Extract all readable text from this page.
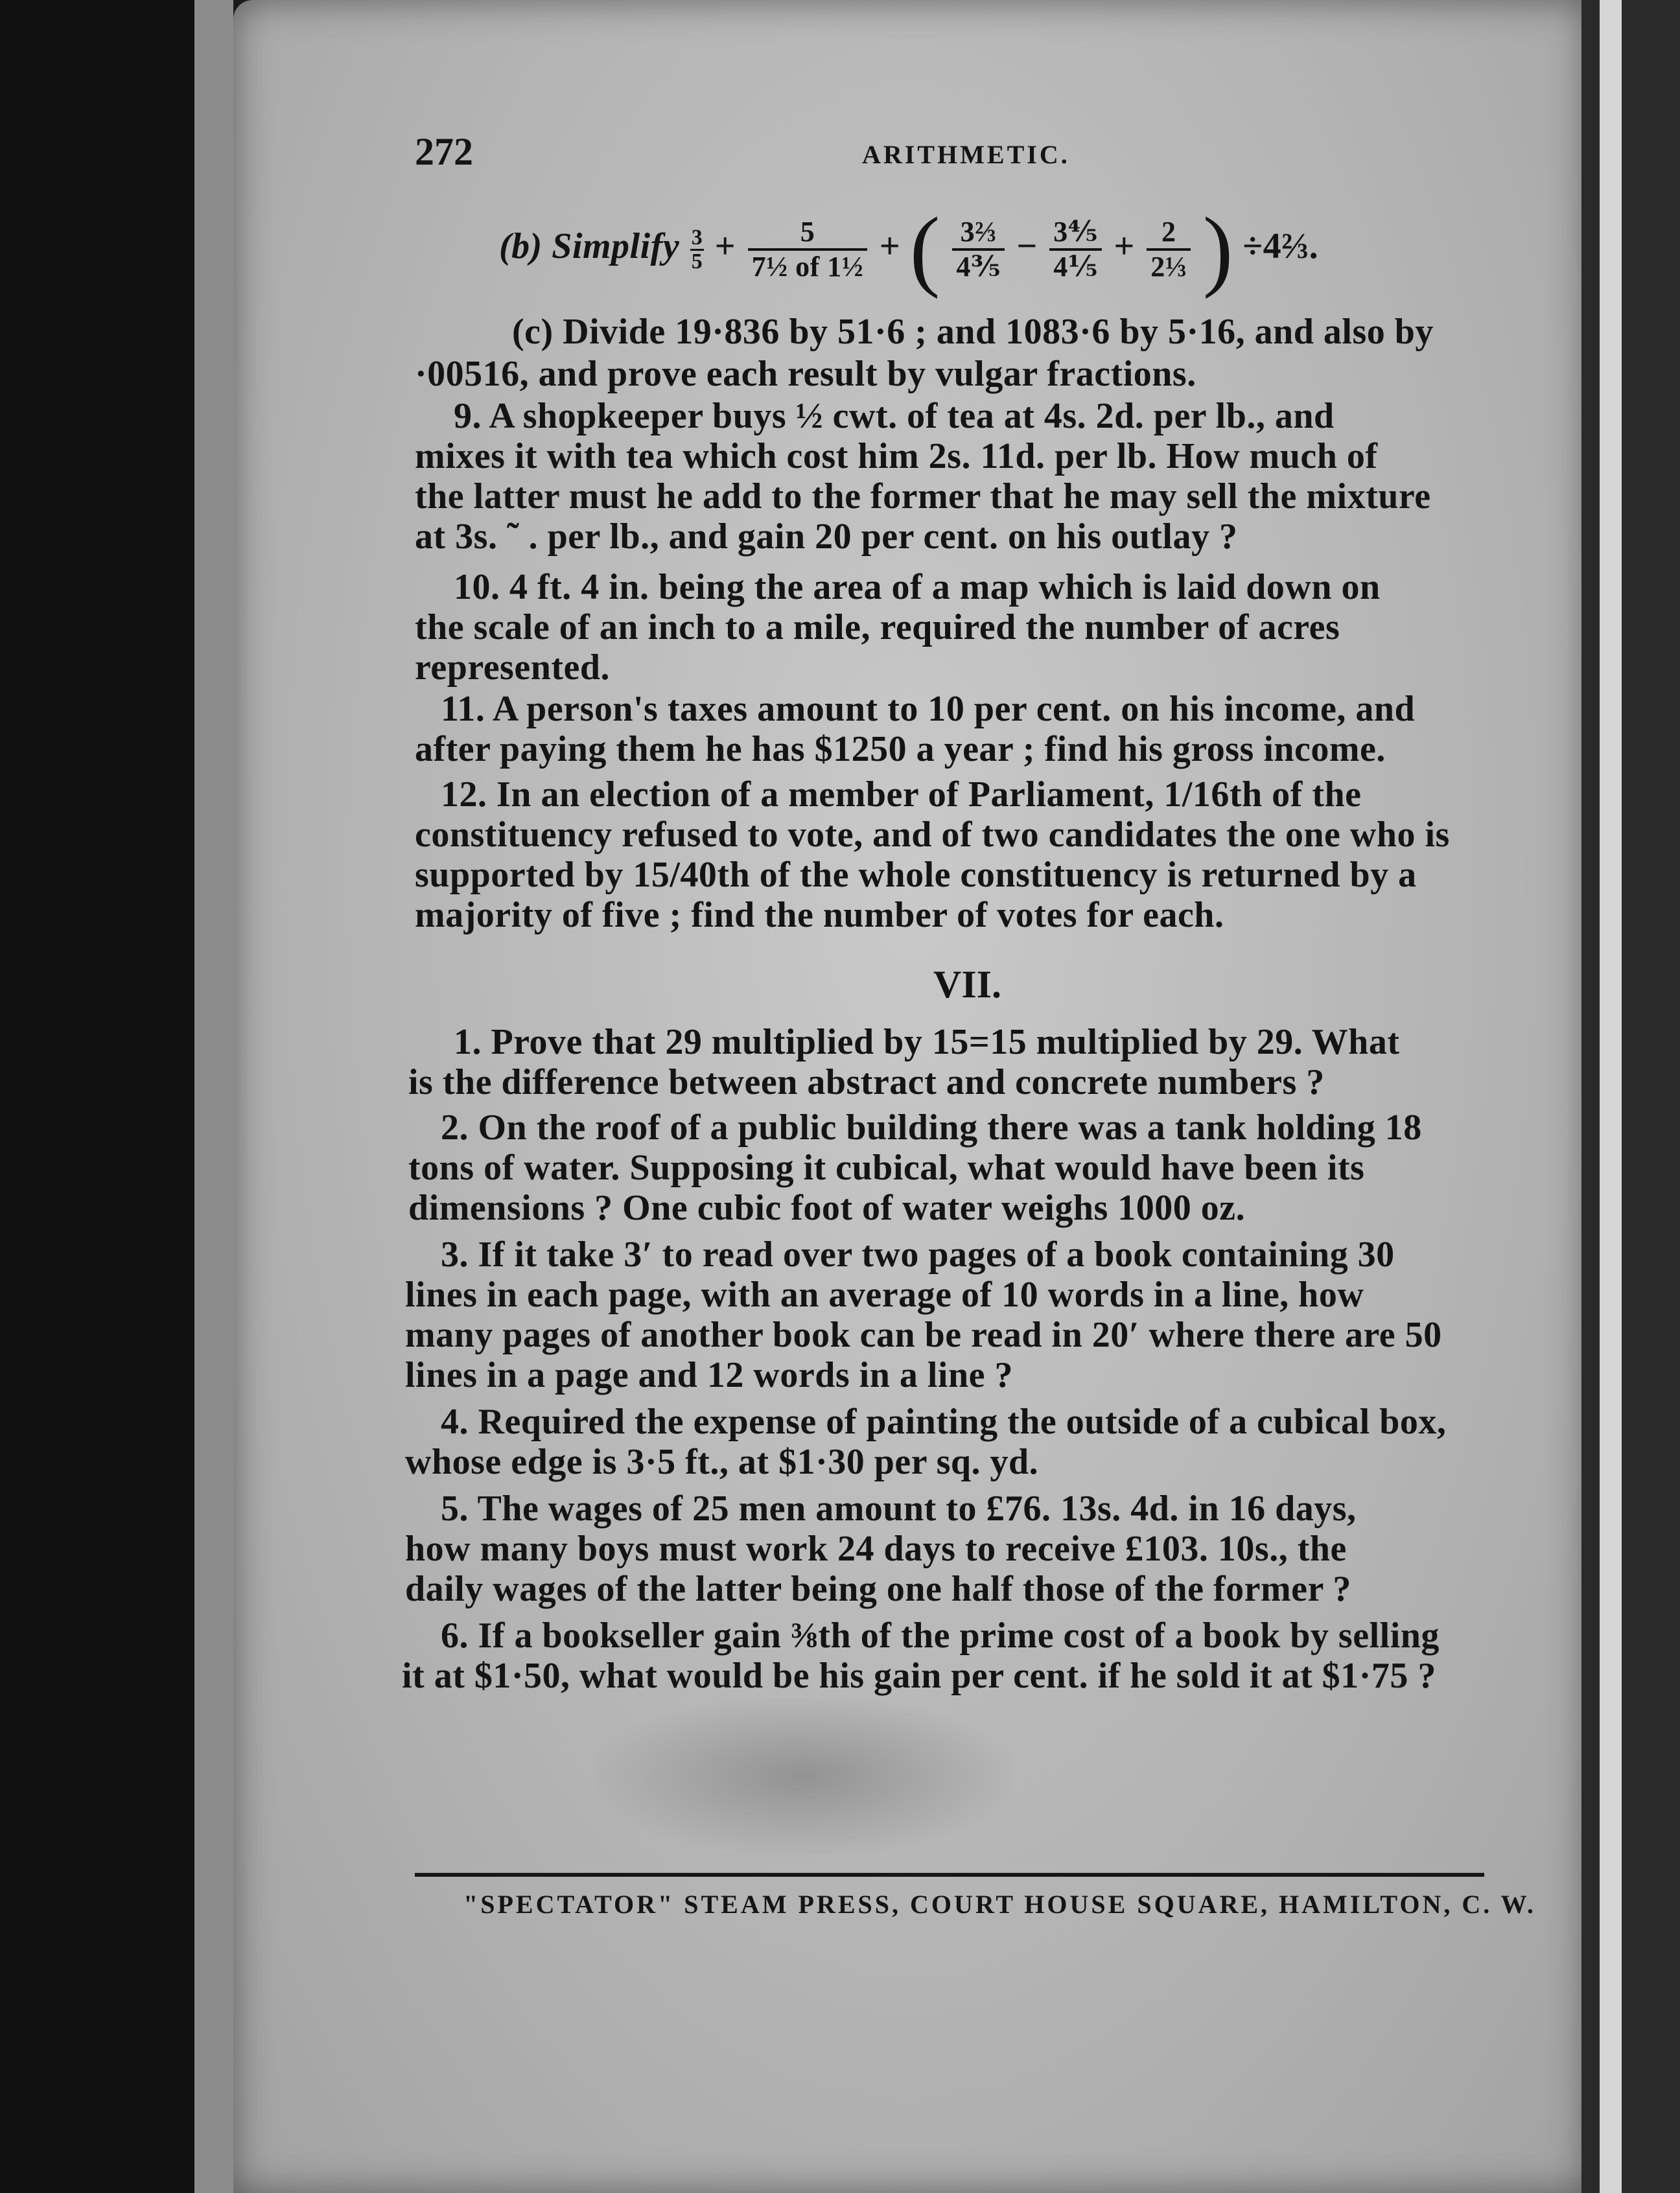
272	ARITHMETIC.
(b) Simplify $\frac{3}{5} + \frac{5}{\text{7½ of 1½}}$ + ( $\frac{\text{3⅔}}{\text{4⅗}} - \frac{\text{3⅘}}{\text{4⅕}} + \frac{2}{\text{2⅓}}$ ) ÷4⅔.
(c) Divide 19·836 by 51·6 ; and 1083·6 by 5·16, and also by
·00516, and prove each result by vulgar fractions.
9. A shopkeeper buys ½ cwt. of tea at 4s. 2d. per lb., and
mixes it with tea which cost him 2s. 11d. per lb. How much of
the latter must he add to the former that he may sell the mixture
at 3s. ˜ . per lb., and gain 20 per cent. on his outlay ?
10. 4 ft. 4 in. being the area of a map which is laid down on
the scale of an inch to a mile, required the number of acres
represented.
11. A person's taxes amount to 10 per cent. on his income, and
after paying them he has $1250 a year ; find his gross income.
12. In an election of a member of Parliament, 1/16th of the
constituency refused to vote, and of two candidates the one who is
supported by 15/40th of the whole constituency is returned by a
majority of five ; find the number of votes for each.
VII.
1. Prove that 29 multiplied by 15=15 multiplied by 29. What
is the difference between abstract and concrete numbers ?
2. On the roof of a public building there was a tank holding 18
tons of water. Supposing it cubical, what would have been its
dimensions ? One cubic foot of water weighs 1000 oz.
3. If it take 3′ to read over two pages of a book containing 30
lines in each page, with an average of 10 words in a line, how
many pages of another book can be read in 20′ where there are 50
lines in a page and 12 words in a line ?
4. Required the expense of painting the outside of a cubical box,
whose edge is 3·5 ft., at $1·30 per sq. yd.
5. The wages of 25 men amount to £76. 13s. 4d. in 16 days,
how many boys must work 24 days to receive £103. 10s., the
daily wages of the latter being one half those of the former ?
6. If a bookseller gain ⅜th of the prime cost of a book by selling
it at $1·50, what would be his gain per cent. if he sold it at $1·75 ?
"SPECTATOR" STEAM PRESS, COURT HOUSE SQUARE, HAMILTON, C. W.
